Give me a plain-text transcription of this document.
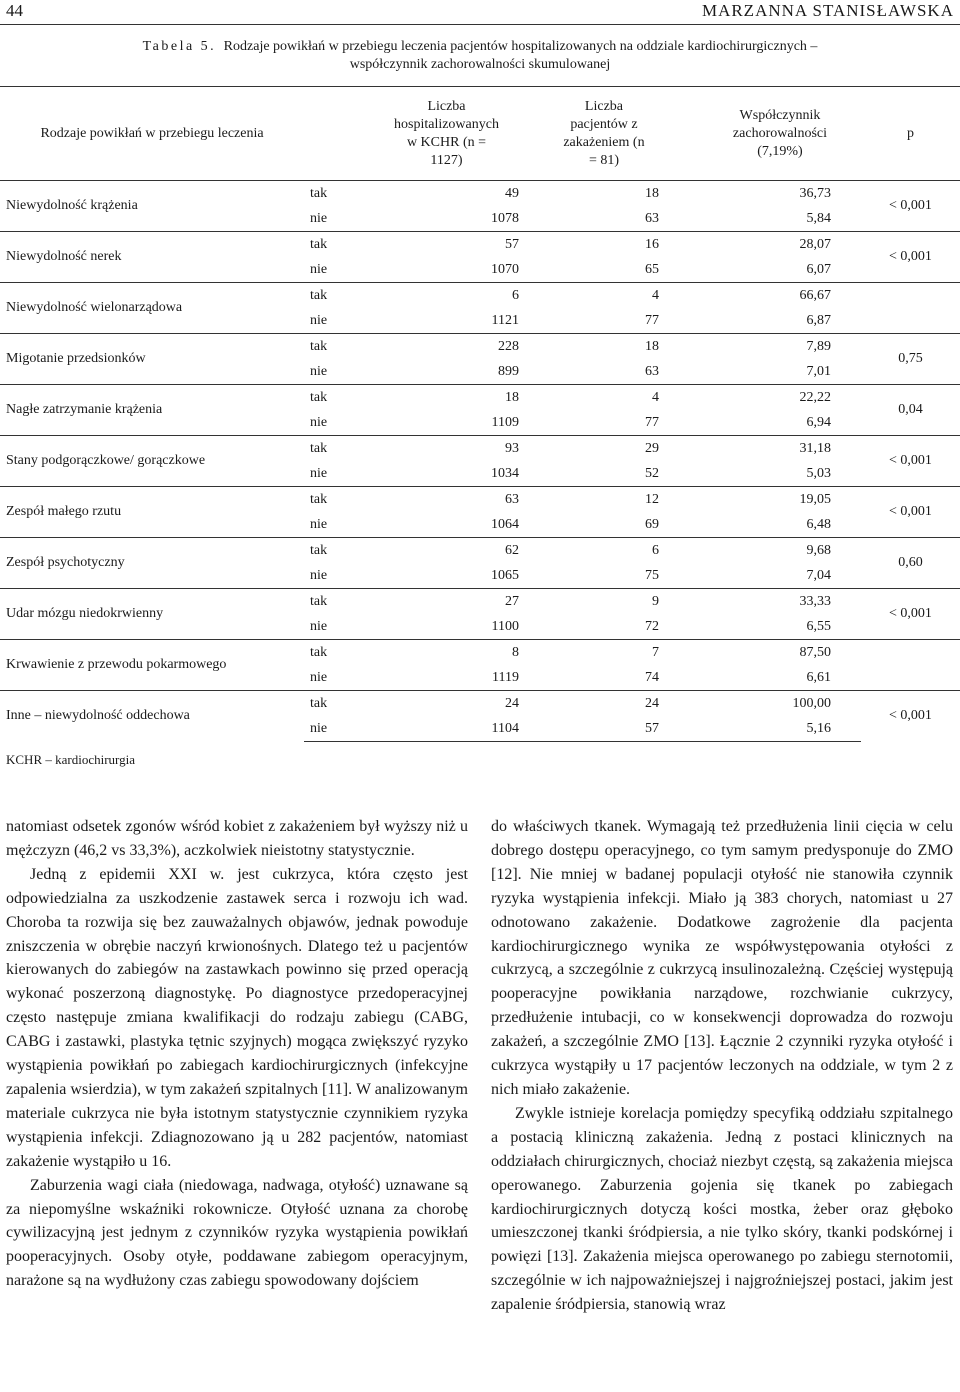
44	MARZANNA STANISŁAWSKA
Tabela 5. Rodzaje powikłań w przebiegu leczenia pacjentów hospitalizowanych na oddziale kardiochirurgicznych –
współczynnik zachorowalności skumulowanej
Rodzaje powikłań w przebiegu leczenia	Liczba hospitalizowanych w KCHR (n = 1127)		Liczba pacjentów z zakażeniem (n = 81)	Współczynnik zachorowalności (7,19%)		p
Niewydolność krążenia	tak	49	18	36,73		< 0,001
	nie	1078	63	5,84		
Niewydolność nerek	tak	57	16	28,07		< 0,001
	nie	1070	65	6,07		
Niewydolność wielonarządowa	tak	6	4	66,67		
	nie	1121	77	6,87		
Migotanie przedsionków	tak	228	18	7,89		0,75
	nie	899	63	7,01		
Nagłe zatrzymanie krążenia	tak	18	4	22,22		0,04
	nie	1109	77	6,94		
Stany podgorączkowe/ gorączkowe	tak	93	29	31,18		< 0,001
	nie	1034	52	5,03		
Zespół małego rzutu	tak	63	12	19,05		< 0,001
	nie	1064	69	6,48		
Zespół psychotyczny	tak	62	6	9,68		0,60
	nie	1065	75	7,04		
Udar mózgu niedokrwienny	tak	27	9	33,33		< 0,001
	nie	1100	72	6,55		
Krwawienie z przewodu pokarmowego	tak	8	7	87,50		
	nie	1119	74	6,61		
Inne – niewydolność oddechowa	tak	24	24	100,00		< 0,001
	nie	1104	57	5,16		
KCHR – kardiochirurgia

natomiast odsetek zgonów wśród kobiet z zakażeniem był wyższy niż u mężczyzn (46,2 vs 33,3%), aczkolwiek nieistotny statystycznie.

Jedną z epidemii XXI w. jest cukrzyca, która często jest odpowiedzialna za uszkodzenie zastawek serca i rozwoju ich wad. Choroba ta rozwija się bez zauważalnych objawów, jednak powoduje zniszczenia w obrębie naczyń krwionośnych. Dlatego też u pacjentów kierowanych do zabiegów na zastawkach powinno się przed operacją wykonać poszerzoną diagnostykę. Po diagnostyce przedoperacyjnej często następuje zmiana kwalifikacji do rodzaju zabiegu (CABG, CABG i zastawki, plastyka tętnic szyjnych) mogąca zwiększyć ryzyko wystąpienia powikłań po zabiegach kardiochirurgicznych (infekcyjne zapalenia wsierdzia), w tym zakażeń szpitalnych [11]. W analizowanym materiale cukrzyca nie była istotnym statystycznie czynnikiem ryzyka wystąpienia infekcji. Zdiagnozowano ją u 282 pacjentów, natomiast zakażenie wystąpiło u 16.

Zaburzenia wagi ciała (niedowaga, nadwaga, otyłość) uznawane są za niepomyślne wskaźniki rokownicze. Otyłość uznana za chorobę cywilizacyjną jest jednym z czynników ryzyka wystąpienia powikłań pooperacyjnych. Osoby otyłe, poddawane zabiegom operacyjnym, narażone są na wydłużony czas zabiegu spowodowany dojściem

do właściwych tkanek. Wymagają też przedłużenia linii cięcia w celu dobrego dostępu operacyjnego, co tym samym predysponuje do ZMO [12]. Nie mniej w badanej populacji otyłość nie stanowiła czynnik ryzyka wystąpienia infekcji. Miało ją 383 chorych, natomiast u 27 odnotowano zakażenie. Dodatkowe zagrożenie dla pacjenta kardiochirurgicznego wynika ze współwystępowania otyłości z cukrzycą, a szczególnie z cukrzycą insulinozależną. Częściej występują pooperacyjne powikłania narządowe, rozchwianie cukrzycy, przedłużenie intubacji, co w konsekwencji doprowadza do rozwoju zakażeń, a szczególnie ZMO [13]. Łącznie 2 czynniki ryzyka otyłość i cukrzyca wystąpiły u 17 pacjentów leczonych na oddziale, w tym 2 z nich miało zakażenie.

Zwykle istnieje korelacja pomiędzy specyfiką oddziału szpitalnego a postacią kliniczną zakażenia. Jedną z postaci klinicznych na oddziałach chirurgicznych, chociaż niezbyt częstą, są zakażenia miejsca operowanego. Zaburzenia gojenia się tkanek po zabiegach kardiochirurgicznych dotyczą kości mostka, żeber oraz głęboko umieszczonej tkanki śródpiersia, a nie tylko skóry, tkanki podskórnej i powięzi [13]. Zakażenia miejsca operowanego po zabiegu sternotomii, szczególnie w ich najpoważniejszej i najgroźniejszej postaci, jakim jest zapalenie śródpiersia, stanowią wraz
